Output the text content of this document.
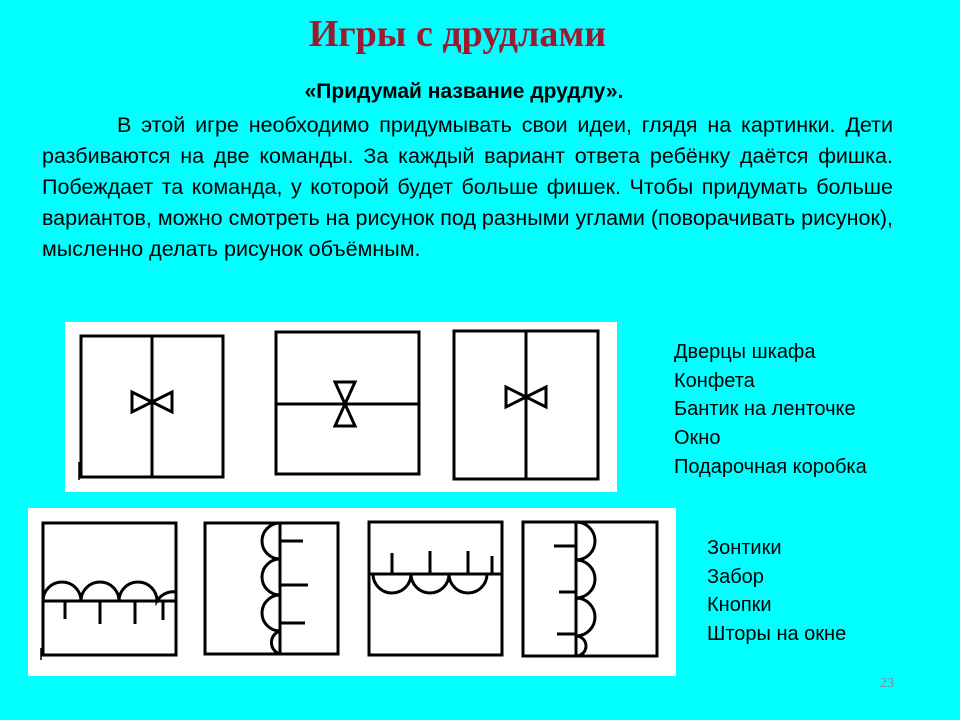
Игры с друдлами
«Придумай название друдлу».

В этой игре необходимо придумывать свои идеи, глядя на картинки. Дети разбиваются на две команды. За каждый вариант ответа ребёнку даётся фишка. Побеждает та команда, у которой будет больше фишек. Чтобы придумать больше вариантов, можно смотреть на рисунок под разными углами (поворачивать рисунок), мысленно делать рисунок объёмным.

Дверцы шкафа
Конфета
Бантик на ленточке
Окно
Подарочная коробка
Зонтики
Забор
Кнопки
Шторы на окне
23
